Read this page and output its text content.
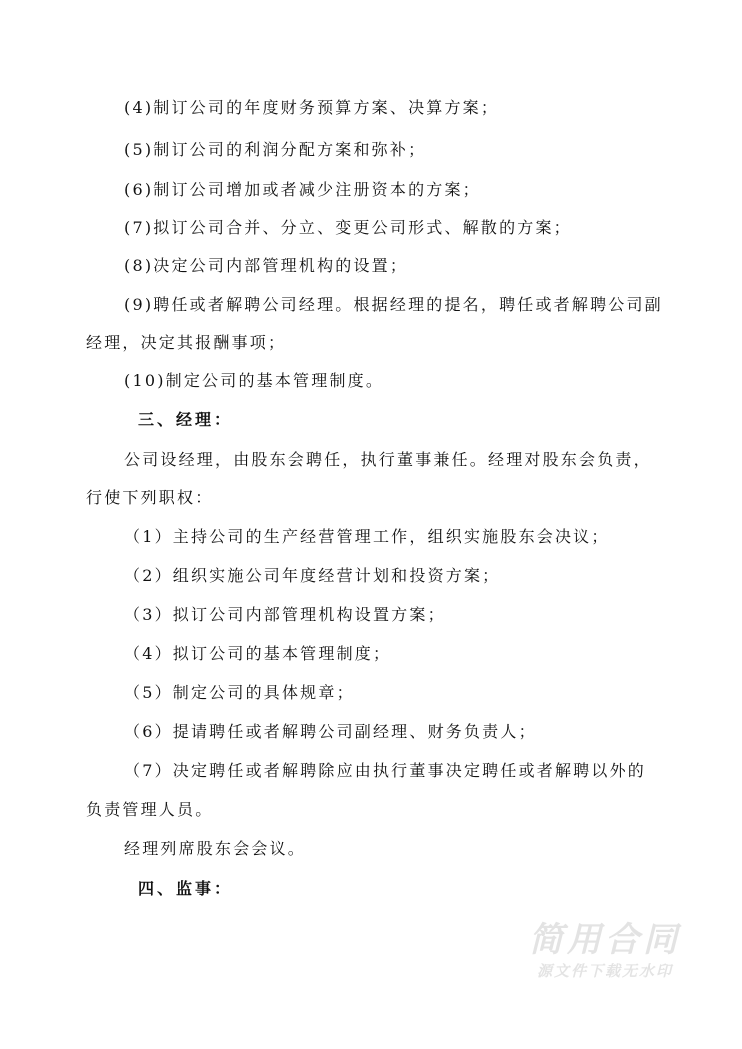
(4)制订公司的年度财务预算方案、决算方案；

(5)制订公司的利润分配方案和弥补；

(6)制订公司增加或者减少注册资本的方案；

(7)拟订公司合并、分立、变更公司形式、解散的方案；

(8)决定公司内部管理机构的设置；

(9)聘任或者解聘公司经理。根据经理的提名，聘任或者解聘公司副

经理，决定其报酬事项；

(10)制定公司的基本管理制度。

三、经理：

公司设经理，由股东会聘任，执行董事兼任。经理对股东会负责，

行使下列职权：

（1）主持公司的生产经营管理工作，组织实施股东会决议；

（2）组织实施公司年度经营计划和投资方案；

（3）拟订公司内部管理机构设置方案；

（4）拟订公司的基本管理制度；

（5）制定公司的具体规章；

（6）提请聘任或者解聘公司副经理、财务负责人；

（7）决定聘任或者解聘除应由执行董事决定聘任或者解聘以外的

负责管理人员。

经理列席股东会会议。

四、监事：

简用合同
源文件下载无水印
